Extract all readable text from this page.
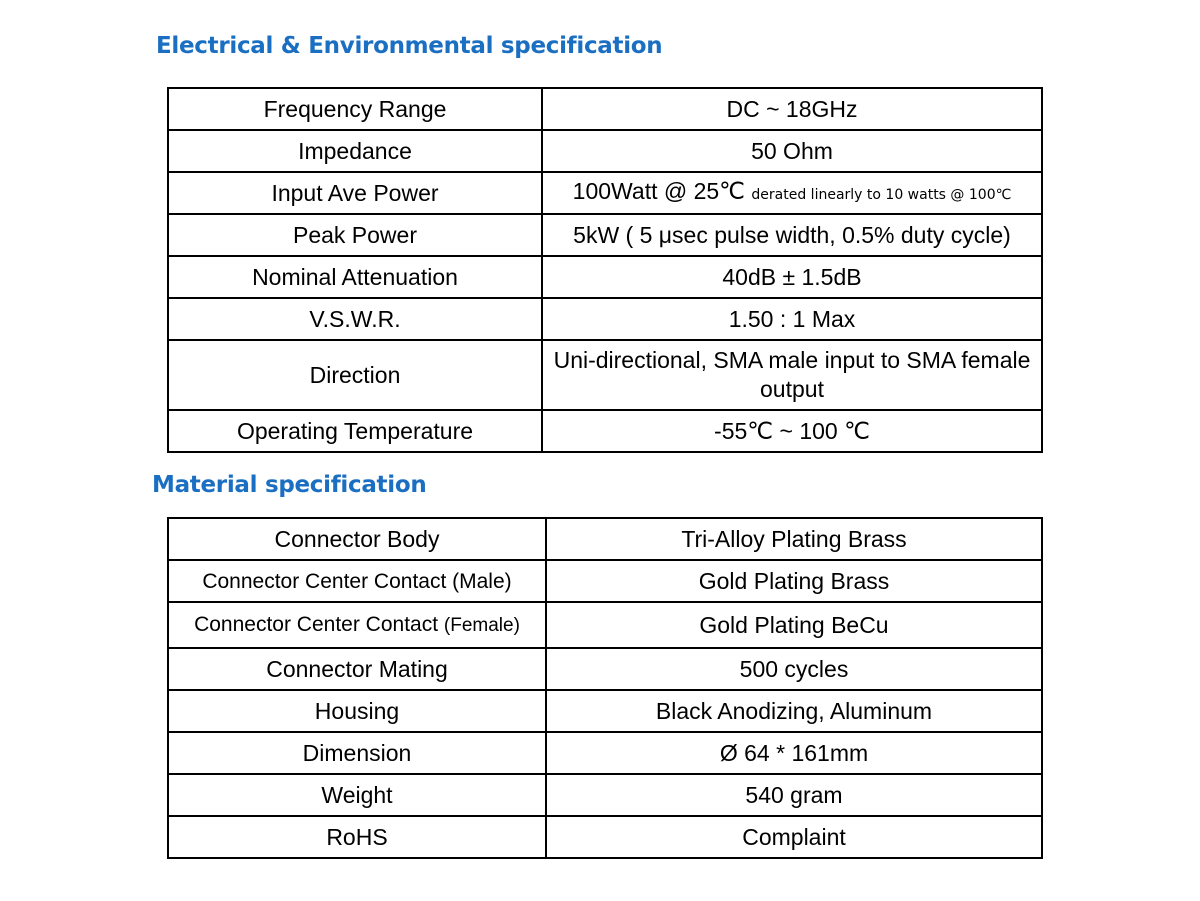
Electrical & Environmental specification
Frequency Range	DC ~ 18GHz
Impedance	50 Ohm
Input Ave Power	100Watt @ 25℃ derated linearly to 10 watts @ 100℃
Peak Power	5kW ( 5 μsec pulse width, 0.5% duty cycle)
Nominal Attenuation	40dB ± 1.5dB
V.S.W.R.	1.50 : 1 Max
Direction	Uni-directional, SMA male input to SMA female output
Operating Temperature	-55℃ ~ 100 ℃
Material specification
Connector Body	Tri-Alloy Plating Brass
Connector Center Contact (Male)	Gold Plating Brass
Connector Center Contact (Female)	Gold Plating BeCu
Connector Mating	500 cycles
Housing	Black Anodizing, Aluminum
Dimension	Ø 64 * 161mm
Weight	540 gram
RoHS	Complaint
